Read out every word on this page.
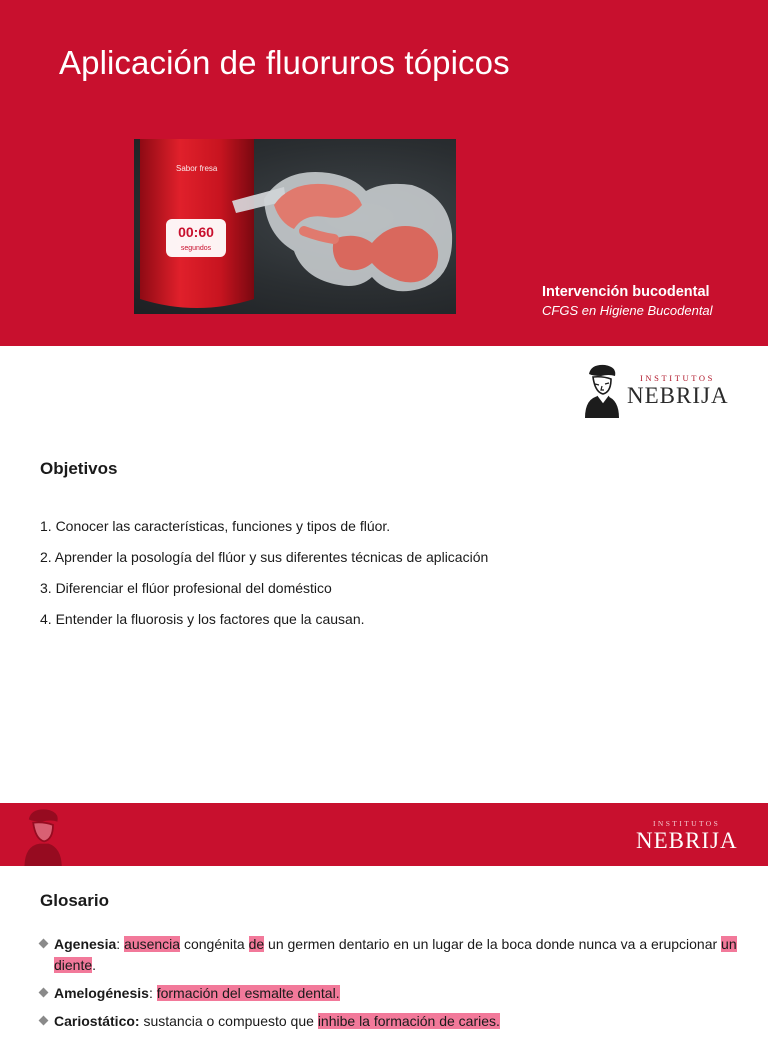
Aplicación de fluoruros tópicos
00:60
segundos
Sabor fresa
Intervención bucodental
CFGS en Higiene Bucodental
INSTITUTOS
NEBRIJA
Objetivos
1. Conocer las características, funciones y tipos de flúor.
2. Aprender la posología del flúor y sus diferentes técnicas de aplicación
3. Diferenciar el flúor profesional del doméstico
4. Entender la fluorosis y los factores que la causan.
INSTITUTOS
NEBRIJA
Glosario
Agenesia: ausencia congénita de un germen dentario en un lugar de la boca donde nunca va a erupcionar un diente.
Amelogénesis: formación del esmalte dental.
Cariostático: sustancia o compuesto que inhibe la formación de caries.
